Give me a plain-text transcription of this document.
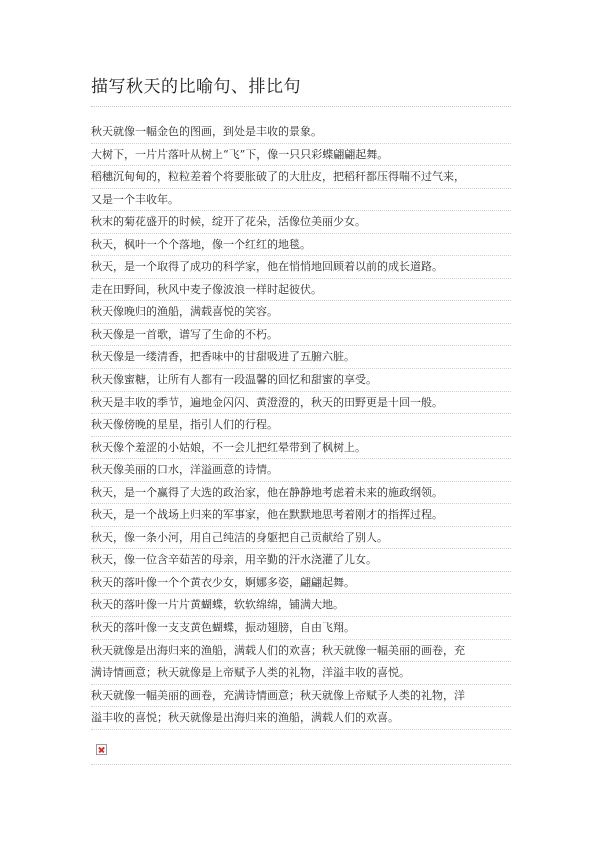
描写秋天的比喻句、排比句
秋天就像一幅金色的图画，到处是丰收的景象。
大树下，一片片落叶从树上“飞”下，像一只只彩蝶翩翩起舞。
稻穗沉甸甸的，粒粒差着个将要胀破了的大肚皮，把稻秆都压得喘不过气来，
又是一个丰收年。
秋末的菊花盛开的时候，绽开了花朵，活像位美丽少女。
秋天，枫叶一个个落地，像一个红红的地毯。
秋天，是一个取得了成功的科学家，他在悄悄地回顾着以前的成长道路。
走在田野间，秋风中麦子像波浪一样时起彼伏。
秋天像晚归的渔船，满载喜悦的笑容。
秋天像是一首歌，谱写了生命的不朽。
秋天像是一缕清香，把香味中的甘甜吸进了五腑六脏。
秋天像蜜糖，让所有人都有一段温馨的回忆和甜蜜的享受。
秋天是丰收的季节，遍地金闪闪、黄澄澄的，秋天的田野更是十回一般。
秋天像傍晚的星星，指引人们的行程。
秋天像个羞涩的小姑娘，不一会儿把红晕带到了枫树上。
秋天像美丽的口水，洋溢画意的诗情。
秋天，是一个赢得了大选的政治家，他在静静地考虑着未来的施政纲领。
秋天，是一个战场上归来的军事家，他在默默地思考着刚才的指挥过程。
秋天，像一条小河，用自己纯洁的身躯把自己贡献给了别人。
秋天，像一位含辛茹苦的母亲，用辛勤的汗水浇灌了儿女。
秋天的落叶像一个个黄衣少女，婀娜多姿，翩翩起舞。
秋天的落叶像一片片黄蝴蝶，软软绵绵，铺满大地。
秋天的落叶像一支支黄色蝴蝶，振动翅膀，自由飞翔。
秋天就像是出海归来的渔船，满载人们的欢喜；秋天就像一幅美丽的画卷，充
满诗情画意；秋天就像是上帝赋予人类的礼物，洋溢丰收的喜悦。
秋天就像一幅美丽的画卷，充满诗情画意；秋天就像上帝赋予人类的礼物，洋
溢丰收的喜悦；秋天就像是出海归来的渔船，满载人们的欢喜。
